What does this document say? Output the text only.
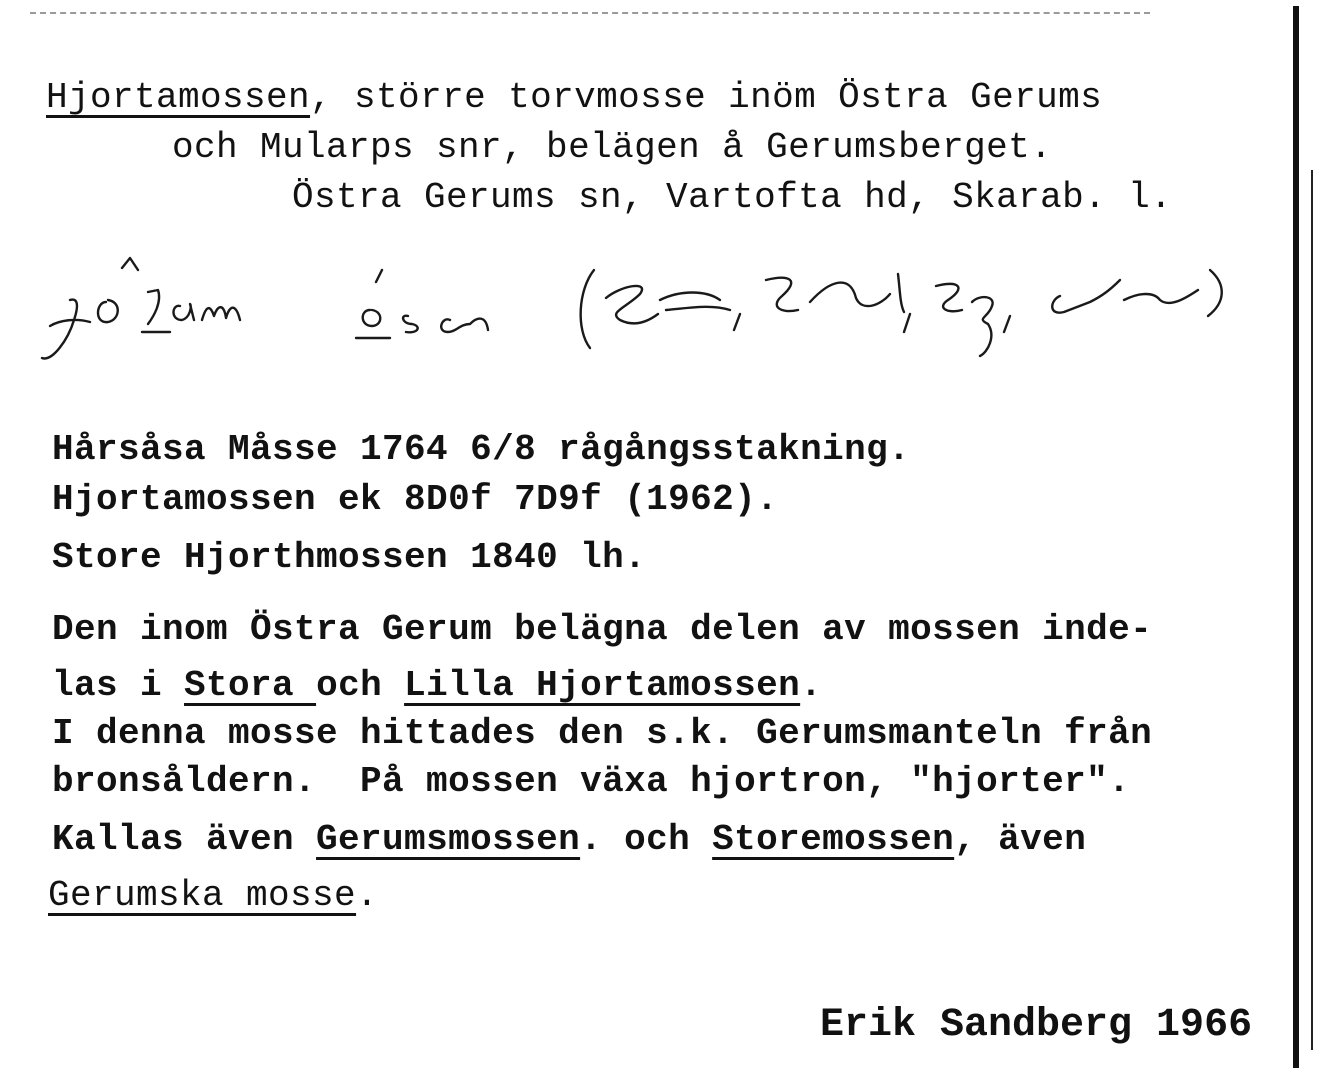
Hjortamossen, större torvmosse inöm Östra Gerums
och Mularps snr, belägen å Gerumsberget.
Östra Gerums sn, Vartofta hd, Skarab. l.
Hårsåsa Måsse 1764 6/8 rågångsstakning.
Hjortamossen ek 8D0f 7D9f (1962).
Store Hjorthmossen 1840 lh.
Den inom Östra Gerum belägna delen av mossen inde-
las i Stora och Lilla Hjortamossen.
I denna mosse hittades den s.k. Gerumsmanteln från
bronsåldern.  På mossen växa hjortron, "hjorter".
Kallas även Gerumsmossen. och Storemossen, även
Gerumska mosse.
Erik Sandberg 1966
